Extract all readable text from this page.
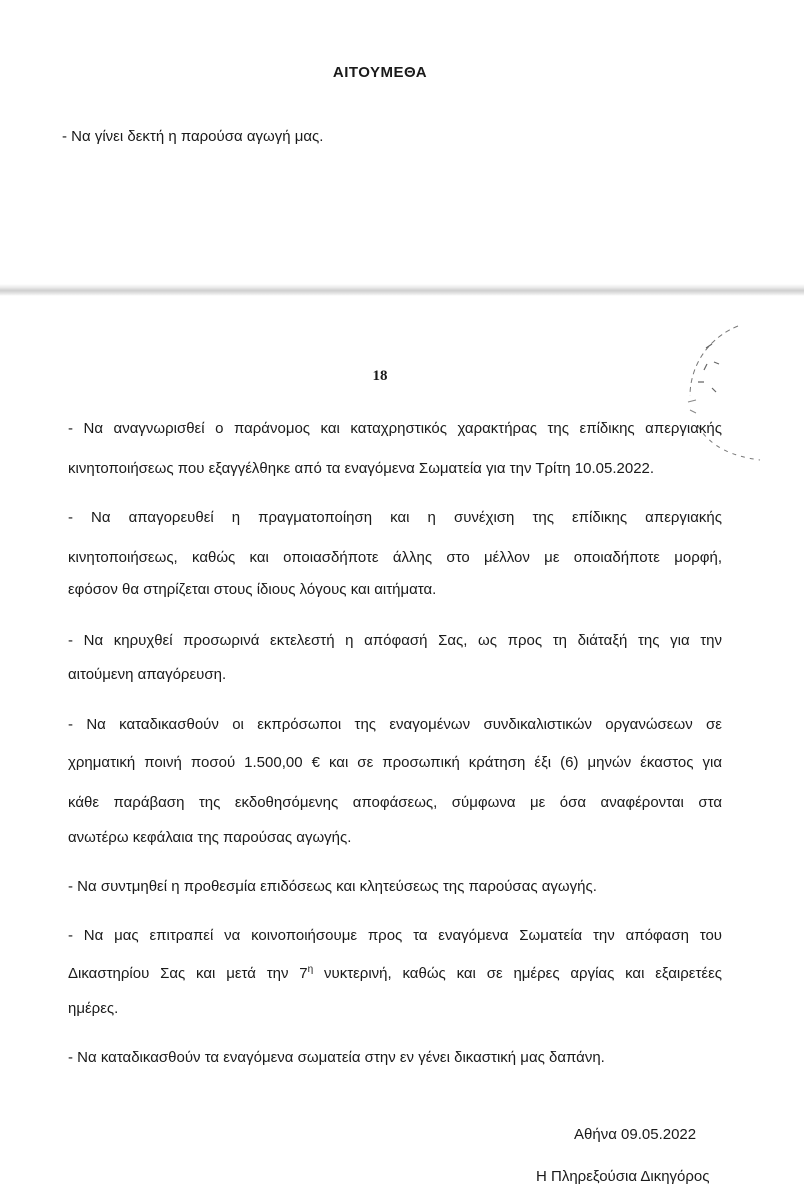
ΑΙΤΟΥΜΕΘΑ
- Να γίνει δεκτή η παρούσα αγωγή μας.
18
- Να αναγνωρισθεί ο παράνομος και καταχρηστικός χαρακτήρας της επίδικης απεργιακής
κινητοποιήσεως που εξαγγέλθηκε από τα εναγόμενα Σωματεία για την Τρίτη 10.05.2022.
- Να απαγορευθεί η πραγματοποίηση και η συνέχιση της επίδικης απεργιακής
κινητοποιήσεως, καθώς και οποιασδήποτε άλλης στο μέλλον με οποιαδήποτε μορφή,
εφόσον θα στηρίζεται στους ίδιους λόγους και αιτήματα.
- Να κηρυχθεί προσωρινά εκτελεστή η απόφασή Σας, ως προς τη διάταξή της για την
αιτούμενη απαγόρευση.
- Να καταδικασθούν οι εκπρόσωποι της εναγομένων συνδικαλιστικών οργανώσεων σε
χρηματική ποινή ποσού 1.500,00 € και σε προσωπική κράτηση έξι (6) μηνών έκαστος για
κάθε παράβαση της εκδοθησόμενης αποφάσεως, σύμφωνα με όσα αναφέρονται στα
ανωτέρω κεφάλαια της παρούσας αγωγής.
- Να συντμηθεί η προθεσμία επιδόσεως και κλητεύσεως της παρούσας αγωγής.
- Να μας επιτραπεί να κοινοποιήσουμε προς τα εναγόμενα Σωματεία την απόφαση του
Δικαστηρίου Σας και μετά την $7^\eta$ νυκτερινή, καθώς και σε ημέρες αργίας και εξαιρετέες
ημέρες.
- Να καταδικασθούν τα εναγόμενα σωματεία στην εν γένει δικαστική μας δαπάνη.
Αθήνα 09.05.2022
Η Πληρεξούσια Δικηγόρος
